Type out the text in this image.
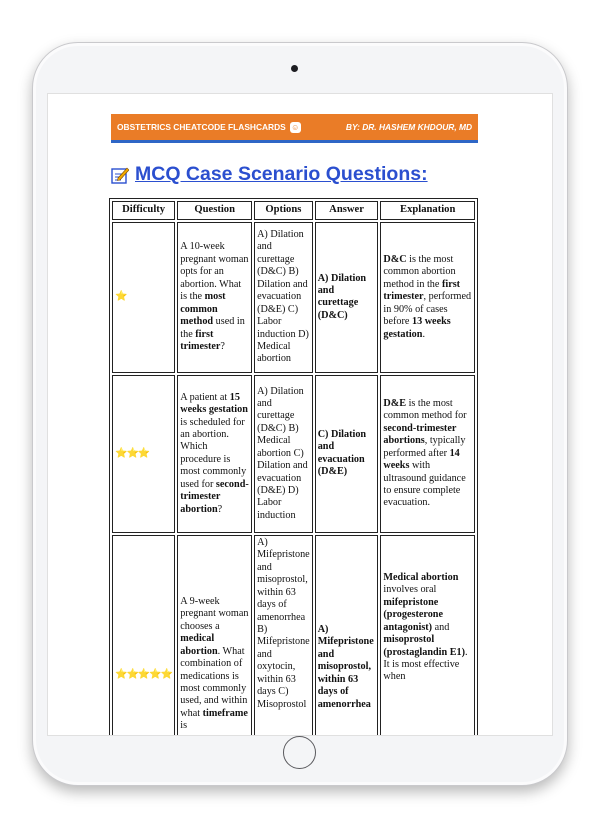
OBSTETRICS CHEATCODE FLASHCARDS ☺	BY: DR. HASHEM KHDOUR, MD
MCQ Case Scenario Questions:
Difficulty	Question	Options	Answer	Explanation
⭐	A 10-week pregnant woman opts for an abortion. What is the most common method used in the first trimester?	A) Dilation and curettage (D&C) B) Dilation and evacuation (D&E) C) Labor induction D) Medical abortion	A) Dilation and curettage (D&C)	D&C is the most common abortion method in the first trimester, performed in 90% of cases before 13 weeks gestation.
⭐⭐⭐	A patient at 15 weeks gestation is scheduled for an abortion. Which procedure is most commonly used for second-trimester abortion?	A) Dilation and curettage (D&C) B) Medical abortion C) Dilation and evacuation (D&E) D) Labor induction	C) Dilation and evacuation (D&E)	D&E is the most common method for second-trimester abortions, typically performed after 14 weeks with ultrasound guidance to ensure complete evacuation.
⭐⭐⭐⭐⭐	A 9-week pregnant woman chooses a medical abortion. What combination of medications is most commonly used, and within what timeframe is	A) Mifepristone and misoprostol, within 63 days of amenorrhea B) Mifepristone and oxytocin, within 63 days C) Misoprostol	A) Mifepristone and misoprostol, within 63 days of amenorrhea	Medical abortion involves oral mifepristone (progesterone antagonist) and misoprostol (prostaglandin E1). It is most effective when
